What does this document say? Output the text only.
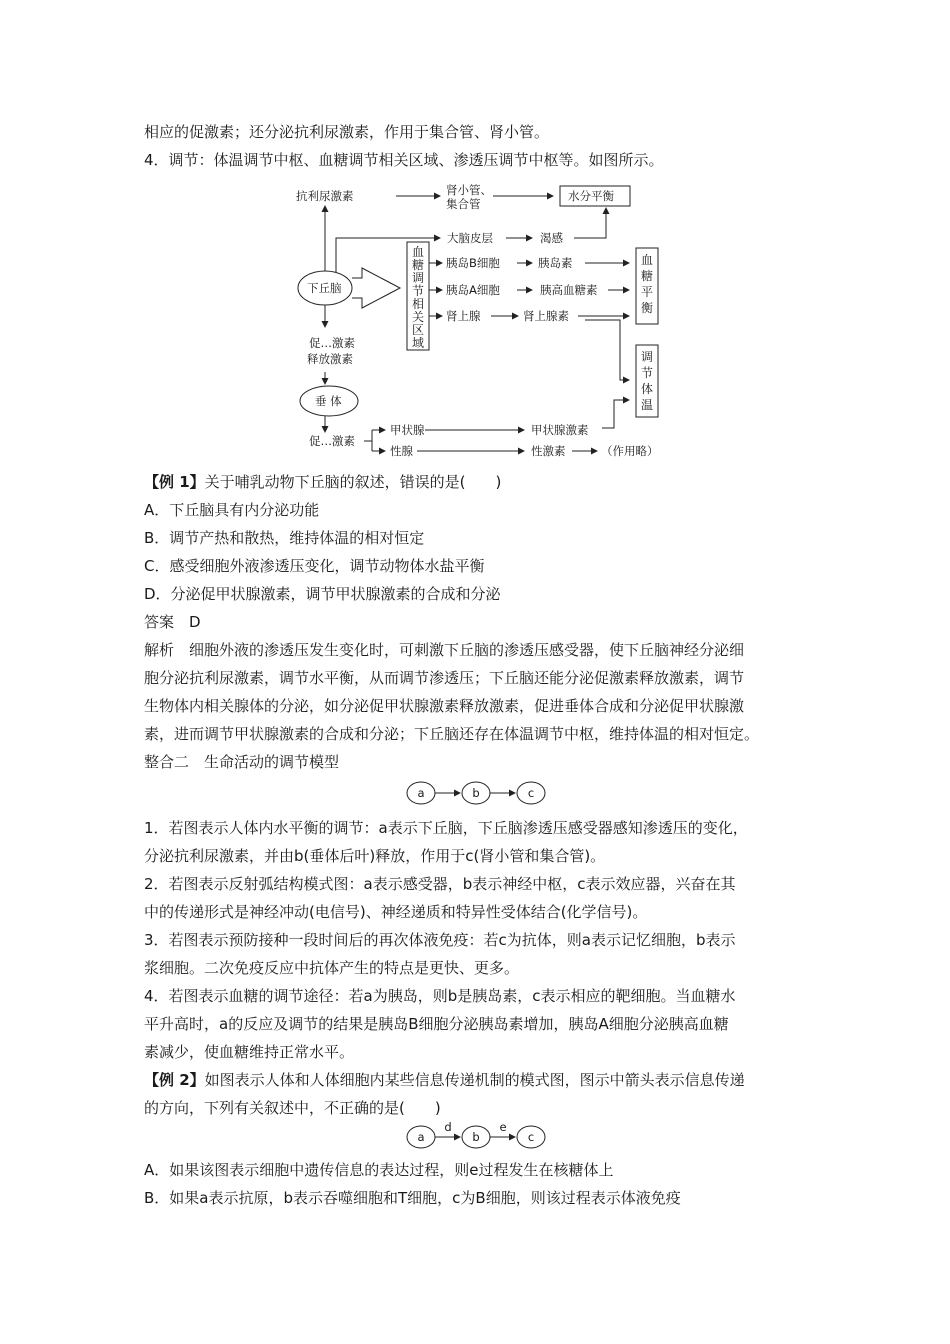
相应的促激素；还分泌抗利尿激素，作用于集合管、肾小管。
4．调节：体温调节中枢、血糖调节相关区域、渗透压调节中枢等。如图所示。
抗利尿激素	肾小管、
集合管
水分平衡
大脑皮层	渴感
下丘脑
血
糖
调
节
相
关
区
域
胰岛B细胞	胰岛素
胰岛A细胞	胰高血糖素
肾上腺	肾上腺素
血
糖
平
衡
调
节
体
温
促…激素
释放激素
垂 体
促…激素
甲状腺	甲状腺激素
性腺	性激素	（作用略）
【例 1】关于哺乳动物下丘脑的叙述，错误的是(　　)
A．下丘脑具有内分泌功能
B．调节产热和散热，维持体温的相对恒定
C．感受细胞外液渗透压变化，调节动物体水盐平衡
D．分泌促甲状腺激素，调节甲状腺激素的合成和分泌
答案　D
解析　细胞外液的渗透压发生变化时，可刺激下丘脑的渗透压感受器，使下丘脑神经分泌细
胞分泌抗利尿激素，调节水平衡，从而调节渗透压；下丘脑还能分泌促激素释放激素，调节
生物体内相关腺体的分泌，如分泌促甲状腺激素释放激素，促进垂体合成和分泌促甲状腺激
素，进而调节甲状腺激素的合成和分泌；下丘脑还存在体温调节中枢，维持体温的相对恒定。
整合二　生命活动的调节模型
a	b	c
1．若图表示人体内水平衡的调节：a表示下丘脑，下丘脑渗透压感受器感知渗透压的变化，
分泌抗利尿激素，并由b(垂体后叶)释放，作用于c(肾小管和集合管)。
2．若图表示反射弧结构模式图：a表示感受器，b表示神经中枢，c表示效应器，兴奋在其
中的传递形式是神经冲动(电信号)、神经递质和特异性受体结合(化学信号)。
3．若图表示预防接种一段时间后的再次体液免疫：若c为抗体，则a表示记忆细胞，b表示
浆细胞。二次免疫反应中抗体产生的特点是更快、更多。
4．若图表示血糖的调节途径：若a为胰岛，则b是胰岛素，c表示相应的靶细胞。当血糖水
平升高时，a的反应及调节的结果是胰岛B细胞分泌胰岛素增加，胰岛A细胞分泌胰高血糖
素减少，使血糖维持正常水平。
【例 2】如图表示人体和人体细胞内某些信息传递机制的模式图，图示中箭头表示信息传递
的方向，下列有关叙述中，不正确的是(　　)
a	b	c
d	e
A．如果该图表示细胞中遗传信息的表达过程，则e过程发生在核糖体上
B．如果a表示抗原，b表示吞噬细胞和T细胞，c为B细胞，则该过程表示体液免疫
